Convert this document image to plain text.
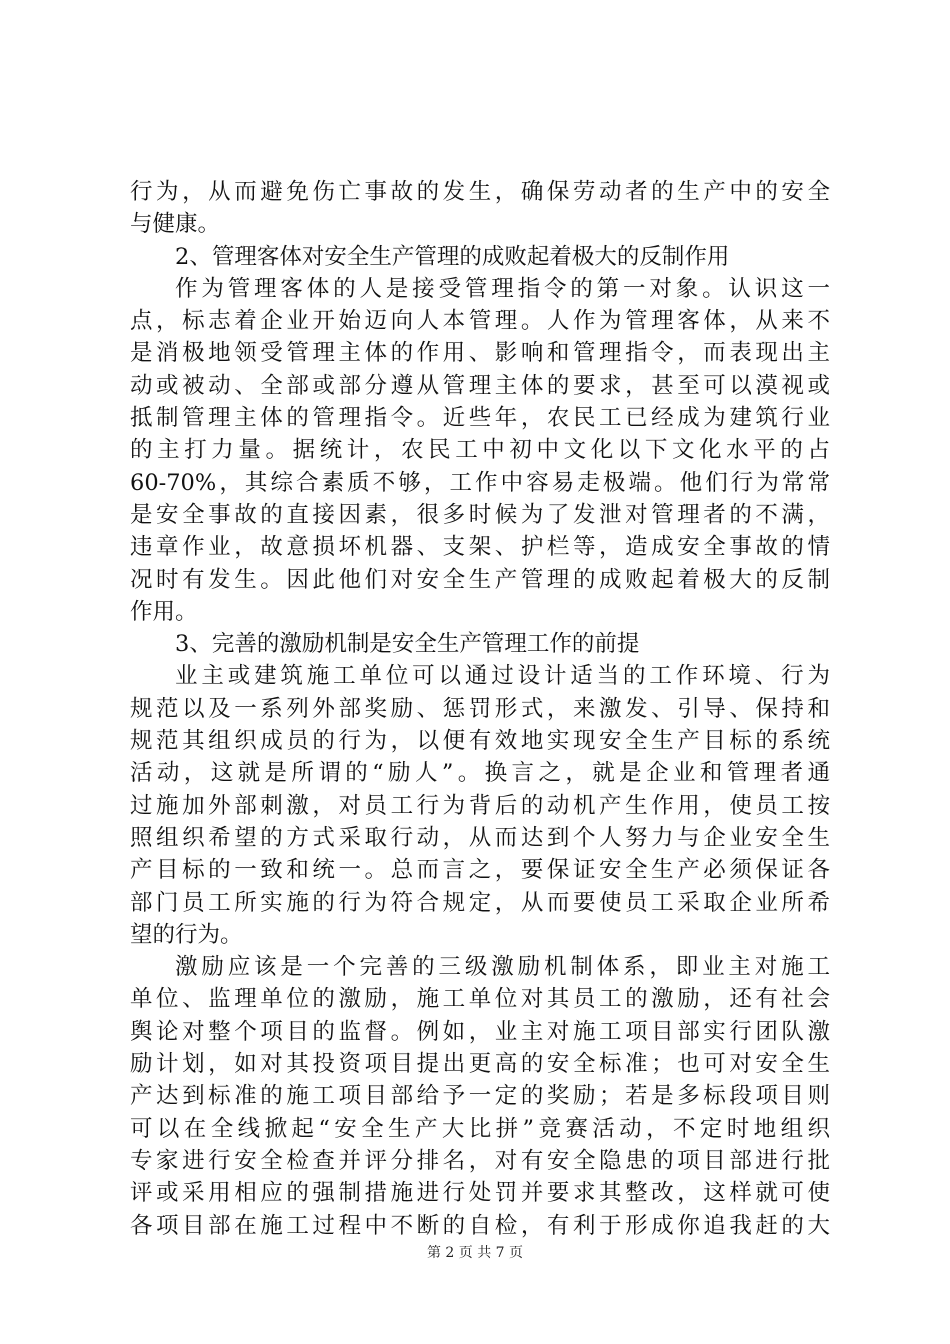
行为，从而避免伤亡事故的发生，确保劳动者的生产中的安全
与健康。
2、管理客体对安全生产管理的成败起着极大的反制作用
作为管理客体的人是接受管理指令的第一对象。认识这一
点，标志着企业开始迈向人本管理。人作为管理客体，从来不
是消极地领受管理主体的作用、影响和管理指令，而表现出主
动或被动、全部或部分遵从管理主体的要求，甚至可以漠视或
抵制管理主体的管理指令。近些年，农民工已经成为建筑行业
的主打力量。据统计，农民工中初中文化以下文化水平的占
60-70%，其综合素质不够，工作中容易走极端。他们行为常常
是安全事故的直接因素，很多时候为了发泄对管理者的不满，
违章作业，故意损坏机器、支架、护栏等，造成安全事故的情
况时有发生。因此他们对安全生产管理的成败起着极大的反制
作用。
3、完善的激励机制是安全生产管理工作的前提
业主或建筑施工单位可以通过设计适当的工作环境、行为
规范以及一系列外部奖励、惩罚形式，来激发、引导、保持和
规范其组织成员的行为，以便有效地实现安全生产目标的系统
活动，这就是所谓的“励人”。换言之，就是企业和管理者通
过施加外部刺激，对员工行为背后的动机产生作用，使员工按
照组织希望的方式采取行动，从而达到个人努力与企业安全生
产目标的一致和统一。总而言之，要保证安全生产必须保证各
部门员工所实施的行为符合规定，从而要使员工采取企业所希
望的行为。
激励应该是一个完善的三级激励机制体系，即业主对施工
单位、监理单位的激励，施工单位对其员工的激励，还有社会
舆论对整个项目的监督。例如，业主对施工项目部实行团队激
励计划，如对其投资项目提出更高的安全标准；也可对安全生
产达到标准的施工项目部给予一定的奖励；若是多标段项目则
可以在全线掀起“安全生产大比拼”竞赛活动，不定时地组织
专家进行安全检查并评分排名，对有安全隐患的项目部进行批
评或采用相应的强制措施进行处罚并要求其整改，这样就可使
各项目部在施工过程中不断的自检，有利于形成你追我赶的大
第 2 页 共 7 页
